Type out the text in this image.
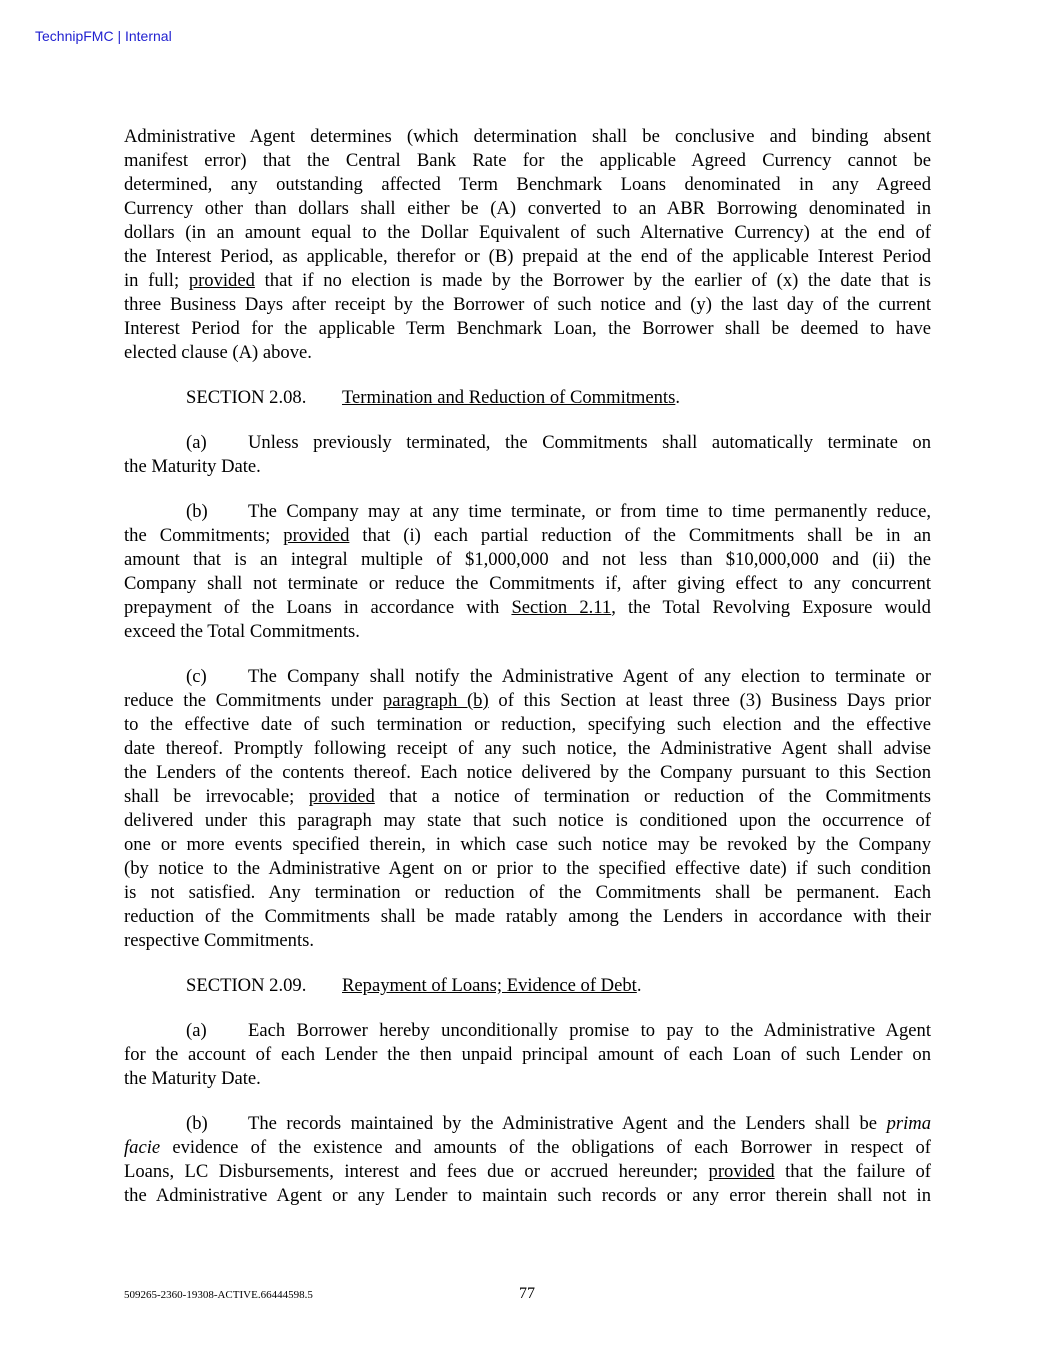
TechnipFMC | Internal
Administrative Agent determines (which determination shall be conclusive and binding absent
manifest error) that the Central Bank Rate for the applicable Agreed Currency cannot be
determined, any outstanding affected Term Benchmark Loans denominated in any Agreed
Currency other than dollars shall either be (A) converted to an ABR Borrowing denominated in
dollars (in an amount equal to the Dollar Equivalent of such Alternative Currency) at the end of
the Interest Period, as applicable, therefor or (B) prepaid at the end of the applicable Interest Period
in full; provided that if no election is made by the Borrower by the earlier of (x) the date that is
three Business Days after receipt by the Borrower of such notice and (y) the last day of the current
Interest Period for the applicable Term Benchmark Loan, the Borrower shall be deemed to have
elected clause (A) above.
SECTION 2.08. Termination and Reduction of Commitments.
(a) Unless previously terminated, the Commitments shall automatically terminate on
the Maturity Date.
(b) The Company may at any time terminate, or from time to time permanently reduce,
the Commitments; provided that (i) each partial reduction of the Commitments shall be in an
amount that is an integral multiple of $1,000,000 and not less than $10,000,000 and (ii) the
Company shall not terminate or reduce the Commitments if, after giving effect to any concurrent
prepayment of the Loans in accordance with Section 2.11, the Total Revolving Exposure would
exceed the Total Commitments.
(c) The Company shall notify the Administrative Agent of any election to terminate or
reduce the Commitments under paragraph (b) of this Section at least three (3) Business Days prior
to the effective date of such termination or reduction, specifying such election and the effective
date thereof. Promptly following receipt of any such notice, the Administrative Agent shall advise
the Lenders of the contents thereof. Each notice delivered by the Company pursuant to this Section
shall be irrevocable; provided that a notice of termination or reduction of the Commitments
delivered under this paragraph may state that such notice is conditioned upon the occurrence of
one or more events specified therein, in which case such notice may be revoked by the Company
(by notice to the Administrative Agent on or prior to the specified effective date) if such condition
is not satisfied. Any termination or reduction of the Commitments shall be permanent. Each
reduction of the Commitments shall be made ratably among the Lenders in accordance with their
respective Commitments.
SECTION 2.09. Repayment of Loans; Evidence of Debt.
(a) Each Borrower hereby unconditionally promise to pay to the Administrative Agent
for the account of each Lender the then unpaid principal amount of each Loan of such Lender on
the Maturity Date.
(b) The records maintained by the Administrative Agent and the Lenders shall be prima
facie evidence of the existence and amounts of the obligations of each Borrower in respect of
Loans, LC Disbursements, interest and fees due or accrued hereunder; provided that the failure of
the Administrative Agent or any Lender to maintain such records or any error therein shall not in
509265-2360-19308-ACTIVE.66444598.5	77
